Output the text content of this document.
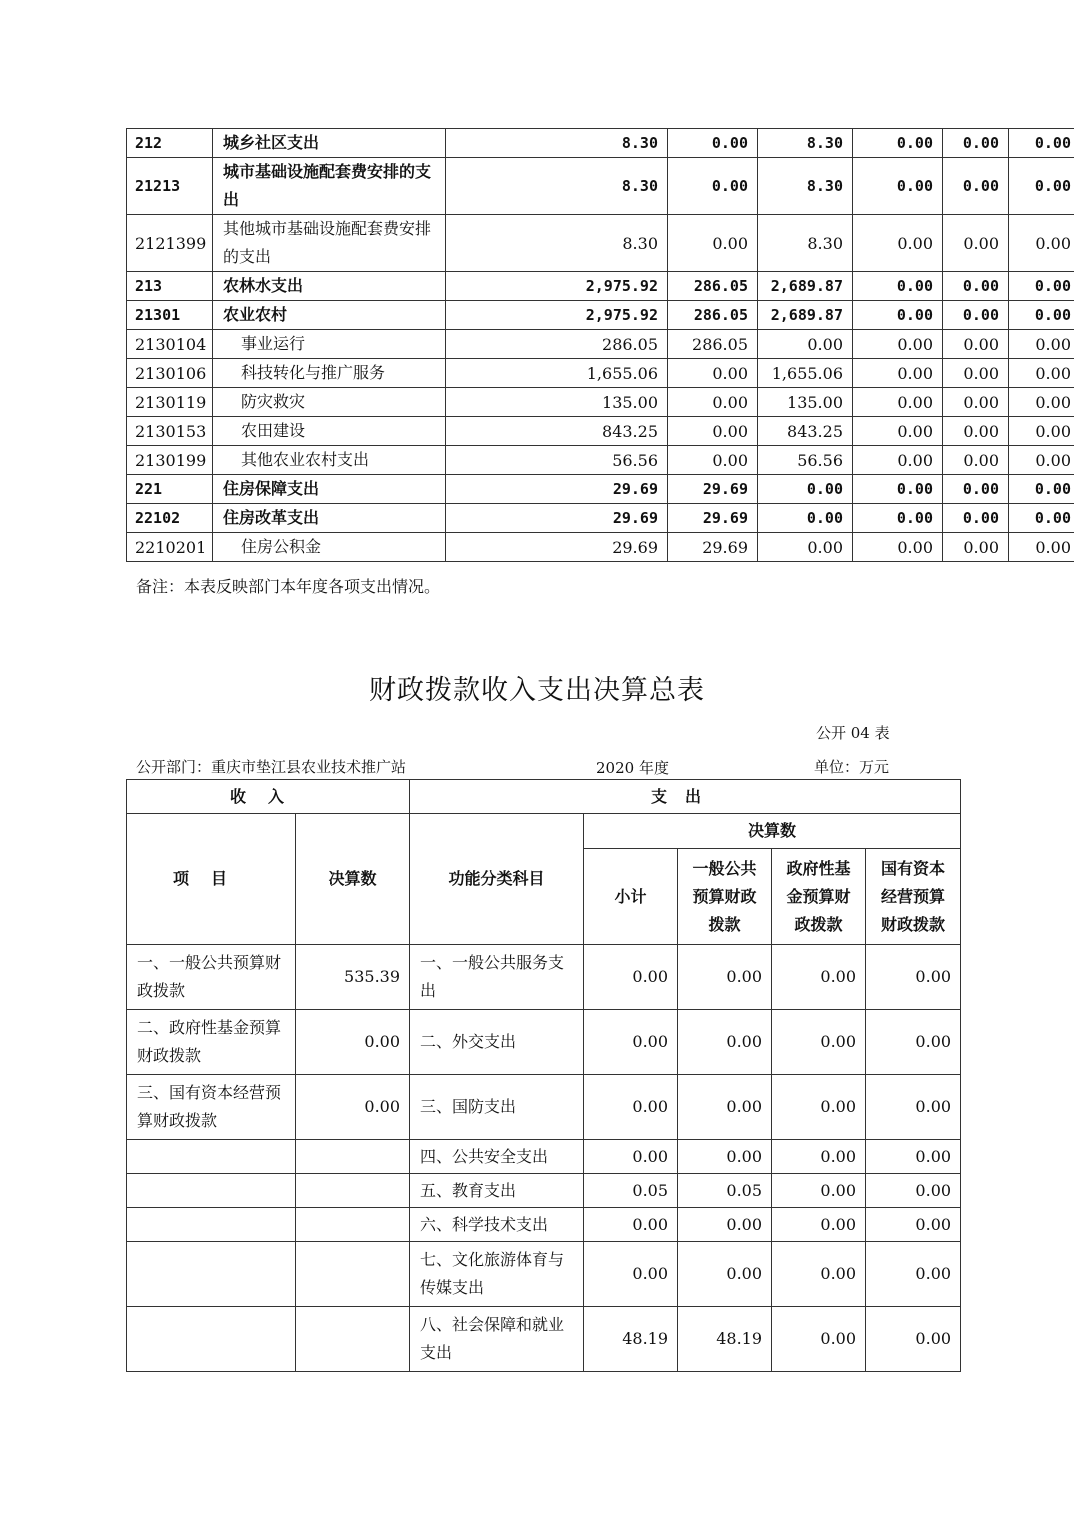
212	城乡社区支出	8.30	0.00	8.30	0.00	0.00	0.00
21213	城市基础设施配套费安排的支出	8.30	0.00	8.30	0.00	0.00	0.00
2121399	其他城市基础设施配套费安排的支出	8.30	0.00	8.30	0.00	0.00	0.00
213	农林水支出	2,975.92	286.05	2,689.87	0.00	0.00	0.00
21301	农业农村	2,975.92	286.05	2,689.87	0.00	0.00	0.00
2130104	事业运行	286.05	286.05	0.00	0.00	0.00	0.00
2130106	科技转化与推广服务	1,655.06	0.00	1,655.06	0.00	0.00	0.00
2130119	防灾救灾	135.00	0.00	135.00	0.00	0.00	0.00
2130153	农田建设	843.25	0.00	843.25	0.00	0.00	0.00
2130199	其他农业农村支出	56.56	0.00	56.56	0.00	0.00	0.00
221	住房保障支出	29.69	29.69	0.00	0.00	0.00	0.00
22102	住房改革支出	29.69	29.69	0.00	0.00	0.00	0.00
2210201	住房公积金	29.69	29.69	0.00	0.00	0.00	0.00
备注：本表反映部门本年度各项支出情况。
财政拨款收入支出决算总表
公开 04 表
公开部门：重庆市垫江县农业技术推广站	2020 年度	单位：万元
收入		支出				
项目	决算数	功能分类科目	决算数			
			小计	一般公共预算财政拨款	政府性基金预算财政拨款	国有资本经营预算财政拨款
一、一般公共预算财政拨款	535.39	一、一般公共服务支出	0.00	0.00	0.00	0.00
二、政府性基金预算财政拨款	0.00	二、外交支出	0.00	0.00	0.00	0.00
三、国有资本经营预算财政拨款	0.00	三、国防支出	0.00	0.00	0.00	0.00
		四、公共安全支出	0.00	0.00	0.00	0.00
		五、教育支出	0.05	0.05	0.00	0.00
		六、科学技术支出	0.00	0.00	0.00	0.00
		七、文化旅游体育与传媒支出	0.00	0.00	0.00	0.00
		八、社会保障和就业支出	48.19	48.19	0.00	0.00
